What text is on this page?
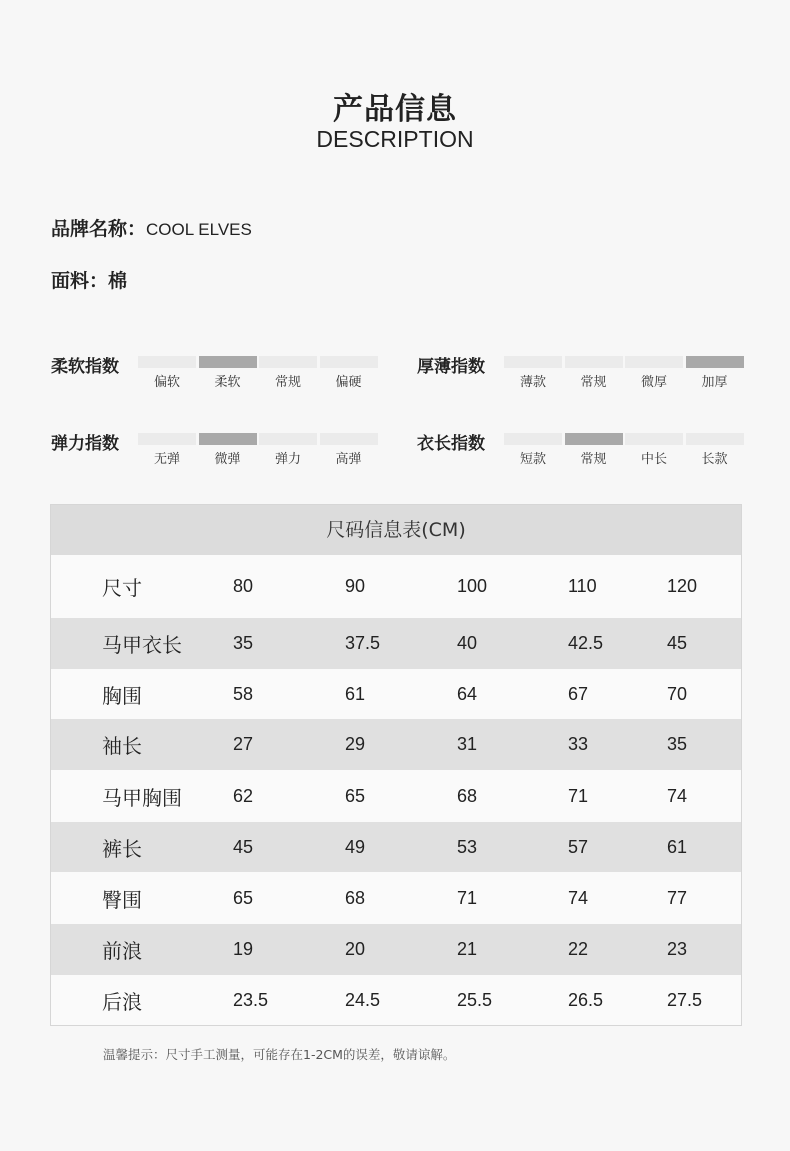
产品信息
DESCRIPTION
品牌名称：COOL ELVES
面料：棉
柔软指数
偏软	柔软	常规	偏硬
厚薄指数
薄款	常规	微厚	加厚
弹力指数
无弹	微弹	弹力	高弹
衣长指数
短款	常规	中长	长款
尺码信息表(CM)
尺寸	80	90	100	110	120
马甲衣长	35	37.5	40	42.5	45
胸围	58	61	64	67	70
袖长	27	29	31	33	35
马甲胸围	62	65	68	71	74
裤长	45	49	53	57	61
臀围	65	68	71	74	77
前浪	19	20	21	22	23
后浪	23.5	24.5	25.5	26.5	27.5
温馨提示：尺寸手工测量，可能存在1-2CM的误差，敬请谅解。
